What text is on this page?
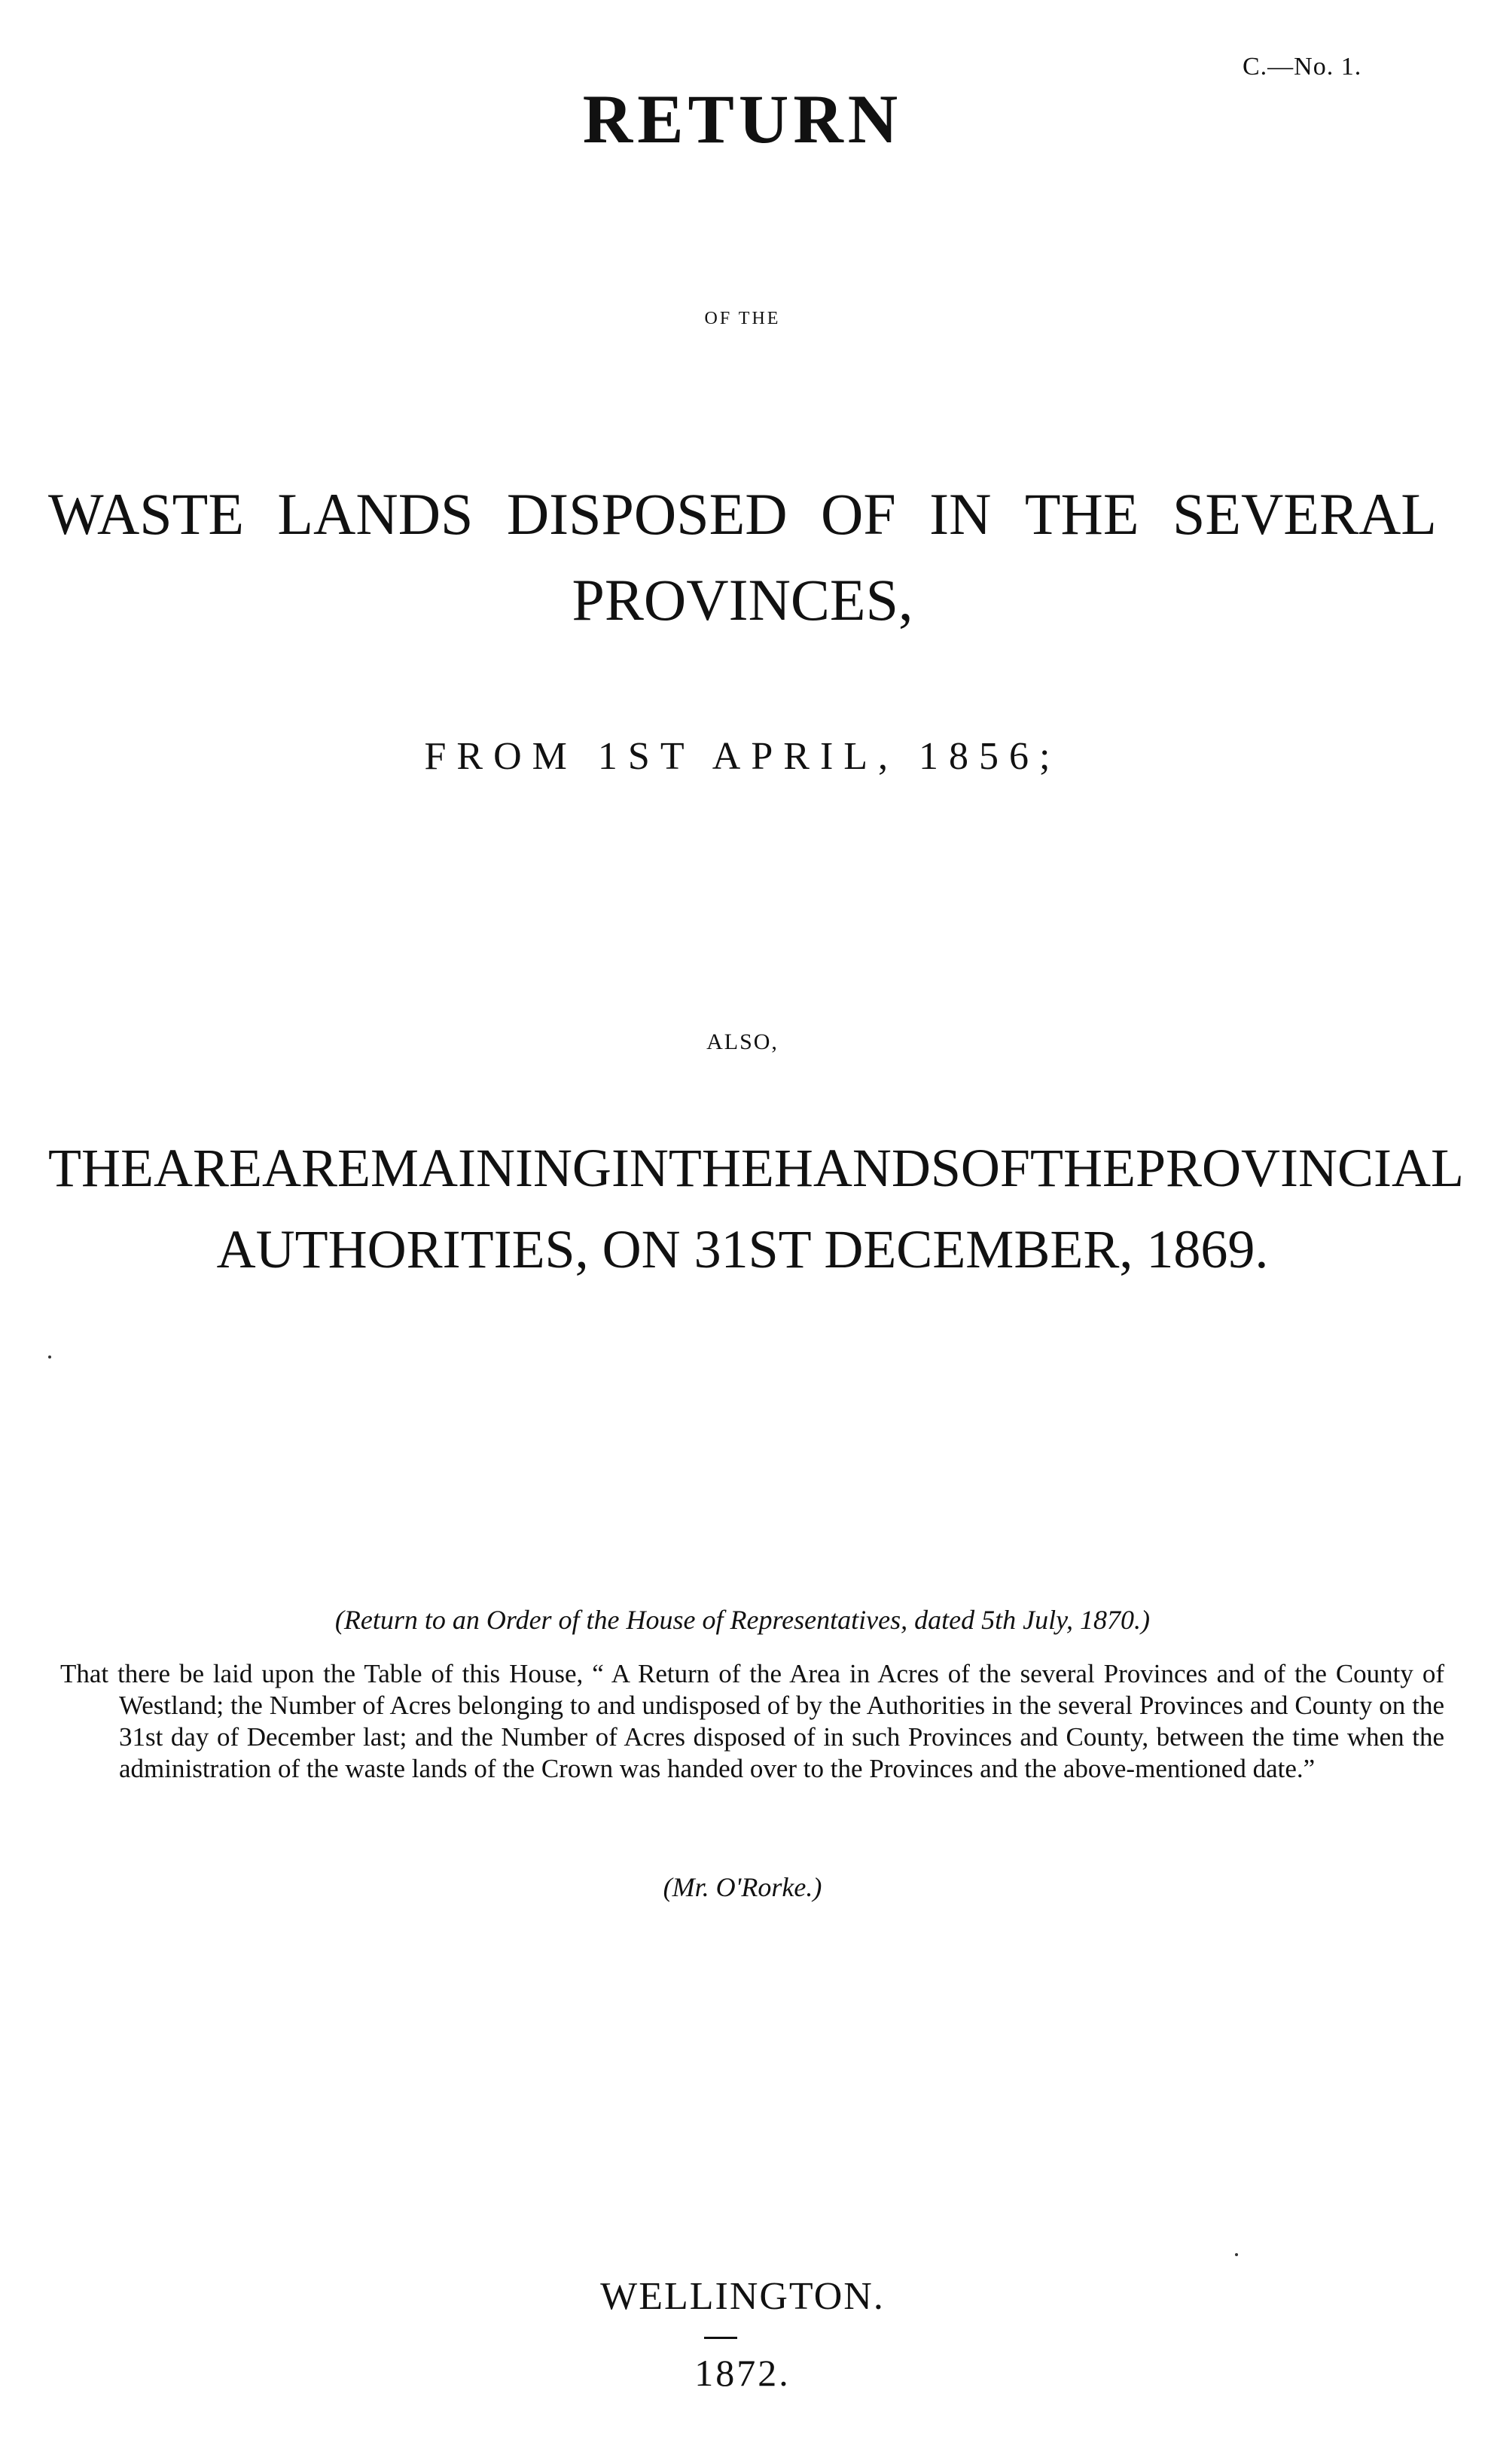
C.—No. 1.
RETURN
OF THE
WASTE LANDS DISPOSED OF IN THE SEVERAL
PROVINCES,
FROM 1ST APRIL, 1856;
ALSO,
THE AREA REMAINING IN THE HANDS OF THE PROVINCIAL
AUTHORITIES, ON 31ST DECEMBER, 1869.
(Return to an Order of the House of Representatives, dated 5th July, 1870.)
That there be laid upon the Table of this House, “ A Return of the Area in Acres of the several Provinces and of the County of Westland; the Number of Acres belonging to and undisposed of by the Authorities in the several Provinces and County on the 31st day of December last; and the Number of Acres disposed of in such Provinces and County, between the time when the administration of the waste lands of the Crown was handed over to the Provinces and the above-mentioned date.”
(Mr. O'Rorke.)
WELLINGTON.
1872.
